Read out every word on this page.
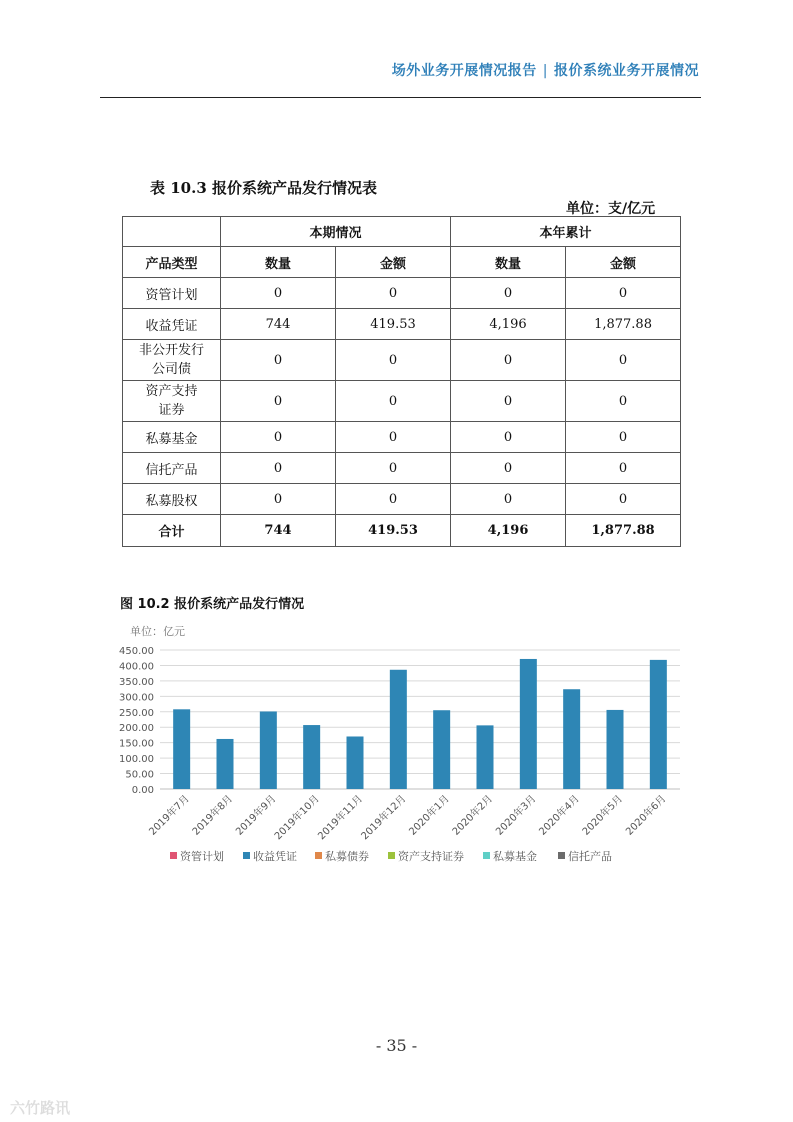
场外业务开展情况报告 | 报价系统业务开展情况
表 10.3 报价系统产品发行情况表
单位：支/亿元
	本期情况		本年累计	
产品类型	数量	金额	数量	金额
资管计划	0	0	0	0
收益凭证	744	419.53	4,196	1,877.88

非公开发行
公司债	0	0	0	0

资产支持
证券	0	0	0	0
私募基金	0	0	0	0
信托产品	0	0	0	0
私募股权	0	0	0	0
合计	744	419.53	4,196	1,877.88
图 10.2 报价系统产品发行情况
单位：亿元
0.00
50.00
100.00
150.00
200.00
250.00
300.00
350.00
400.00
450.00
2019年7月
2019年8月
2019年9月
2019年10月
2019年11月
2019年12月
2020年1月
2020年2月
2020年3月
2020年4月
2020年5月
2020年6月
资管计划	收益凭证	私募债券	资产支持证券	私募基金	信托产品
- 35 -
六竹路讯
